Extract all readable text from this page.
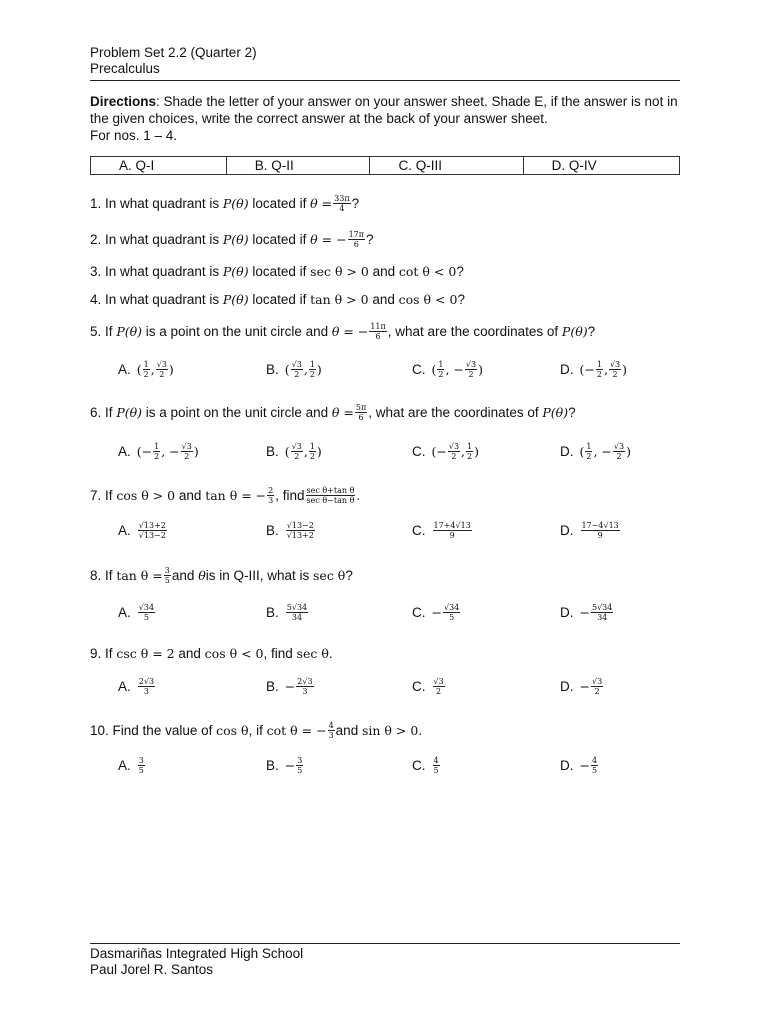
Problem Set 2.2 (Quarter 2)
Precalculus
Directions: Shade the letter of your answer on your answer sheet. Shade E, if the answer is not in the given choices, write the correct answer at the back of your answer sheet.
For nos. 1 – 4.
A. Q-I	B. Q-II	C. Q-III	D. Q-IV
1.
In what quadrant is
P(θ)
located if
$\theta = \frac{33\pi}{4}$ ?
2.
In what quadrant is
P(θ)
located if
θ = − $\frac{17\pi}{6}$ ?
3.
In what quadrant is
P(θ)
located if
sec θ > 0
and
cot θ < 0 ?
4.
In what quadrant is
P(θ)
located if
tan θ > 0
and
cos θ < 0 ?
5.
If
P(θ)
is a point on the unit circle and
θ = − $\frac{11\pi}{6}$ , what are the coordinates of
P(θ) ?
A. ( $\frac{1}{2}$ , $\frac{√3}{2}$ )	B. ( $\frac{√3}{2}$ , $\frac{1}{2}$ )	C. ( $\frac{1}{2}$ , − $\frac{√3}{2}$ )	D. (− $\frac{1}{2}$ , $\frac{√3}{2}$ )
6.
If
P(θ)
is a point on the unit circle and
$\theta = \frac{5\pi}{6}$ , what are the coordinates of
P(θ) ?
A. (− $\frac{1}{2}$ , − $\frac{√3}{2}$ )	B. ( $\frac{√3}{2}$ , $\frac{1}{2}$ )	C. (− $\frac{√3}{2}$ , $\frac{1}{2}$ )	D. ( $\frac{1}{2}$ , − $\frac{√3}{2}$ )
7.
If
cos θ > 0
and
tan θ = − $\frac{2}{3}$ , find $\frac{\text{sec θ+tan θ}}{\text{sec θ−tan θ}}$ .
A. $\frac{√13+2}{√13-2}$	B. $\frac{√13-2}{√13+2}$	C. $\frac{17+4√13}{9}$	D. $\frac{17-4√13}{9}$
8.
If
$\tan \theta = \frac{3}{5}$ and
θ is in Q-III, what is
sec θ ?
A. $\frac{√34}{5}$	B. $\frac{5√34}{34}$	C. − $\frac{√34}{5}$	D. − $\frac{5√34}{34}$
9.
If
csc θ = 2
and
cos θ < 0 , find
sec θ .
A. $\frac{2√3}{3}$	B. − $\frac{2√3}{3}$	C. $\frac{√3}{2}$	D. − $\frac{√3}{2}$
10.
Find the value of
cos θ , if
cot θ = − $\frac{4}{3}$ and
sin θ > 0 .
A. $\frac{3}{5}$	B. − $\frac{3}{5}$	C. $\frac{4}{5}$	D. − $\frac{4}{5}$
Dasmariñas Integrated High School
Paul Jorel R. Santos
